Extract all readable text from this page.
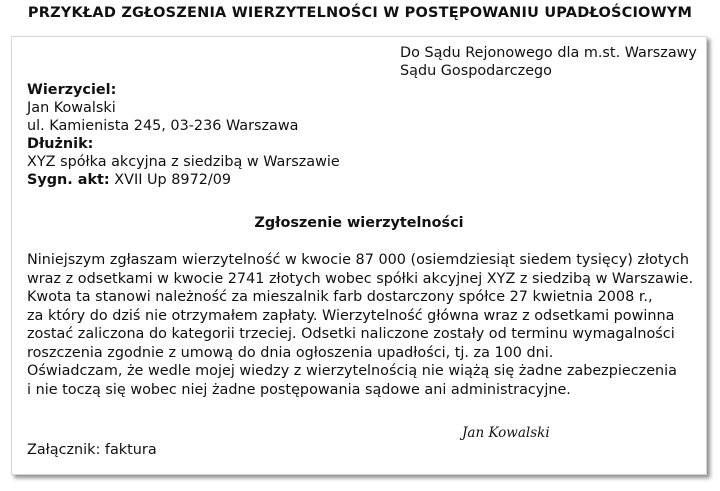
PRZYKŁAD ZGŁOSZENIA WIERZYTELNOŚCI W POSTĘPOWANIU UPADŁOŚCIOWYM
Do Sądu Rejonowego dla m.st. Warszawy
Sądu Gospodarczego
Wierzyciel:
Jan Kowalski
ul. Kamienista 245, 03-236 Warszawa
Dłużnik:
XYZ spółka akcyjna z siedzibą w Warszawie
Sygn. akt: XVII Up 8972/09
Zgłoszenie wierzytelności
Niniejszym zgłaszam wierzytelność w kwocie 87 000 (osiemdziesiąt siedem tysięcy) złotych
wraz z odsetkami w kwocie 2741 złotych wobec spółki akcyjnej XYZ z siedzibą w Warszawie.
Kwota ta stanowi należność za mieszalnik farb dostarczony spółce 27 kwietnia 2008 r.,
za który do dziś nie otrzymałem zapłaty. Wierzytelność główna wraz z odsetkami powinna
zostać zaliczona do kategorii trzeciej. Odsetki naliczone zostały od terminu wymagalności
roszczenia zgodnie z umową do dnia ogłoszenia upadłości, tj. za 100 dni.
Oświadczam, że wedle mojej wiedzy z wierzytelnością nie wiążą się żadne zabezpieczenia
i nie toczą się wobec niej żadne postępowania sądowe ani administracyjne.
Jan Kowalski
Załącznik: faktura
